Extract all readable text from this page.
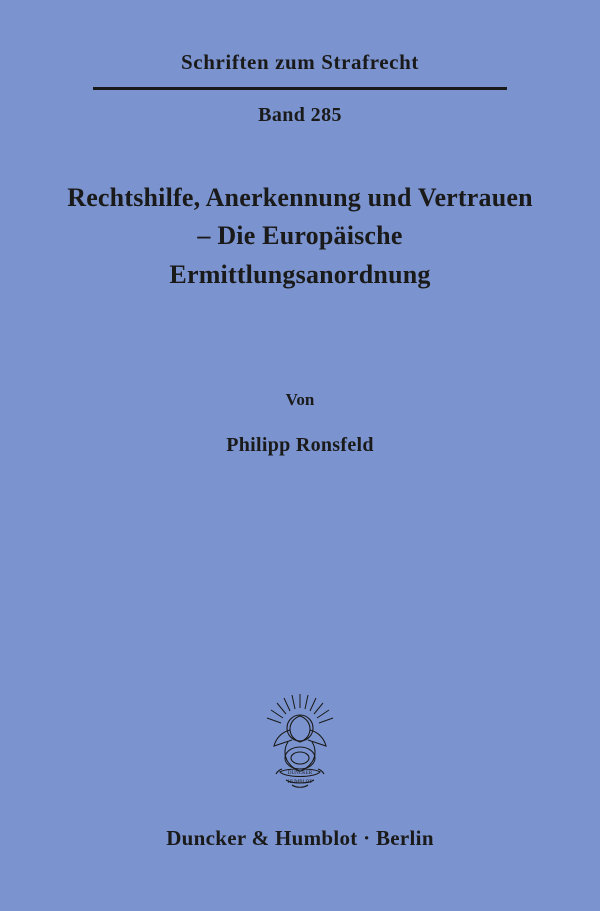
Schriften zum Strafrecht
Band 285
Rechtshilfe, Anerkennung und Vertrauen – Die Europäische Ermittlungsanordnung
Von
Philipp Ronsfeld
DUNCKER
HUMBLOT
Duncker & Humblot · Berlin
